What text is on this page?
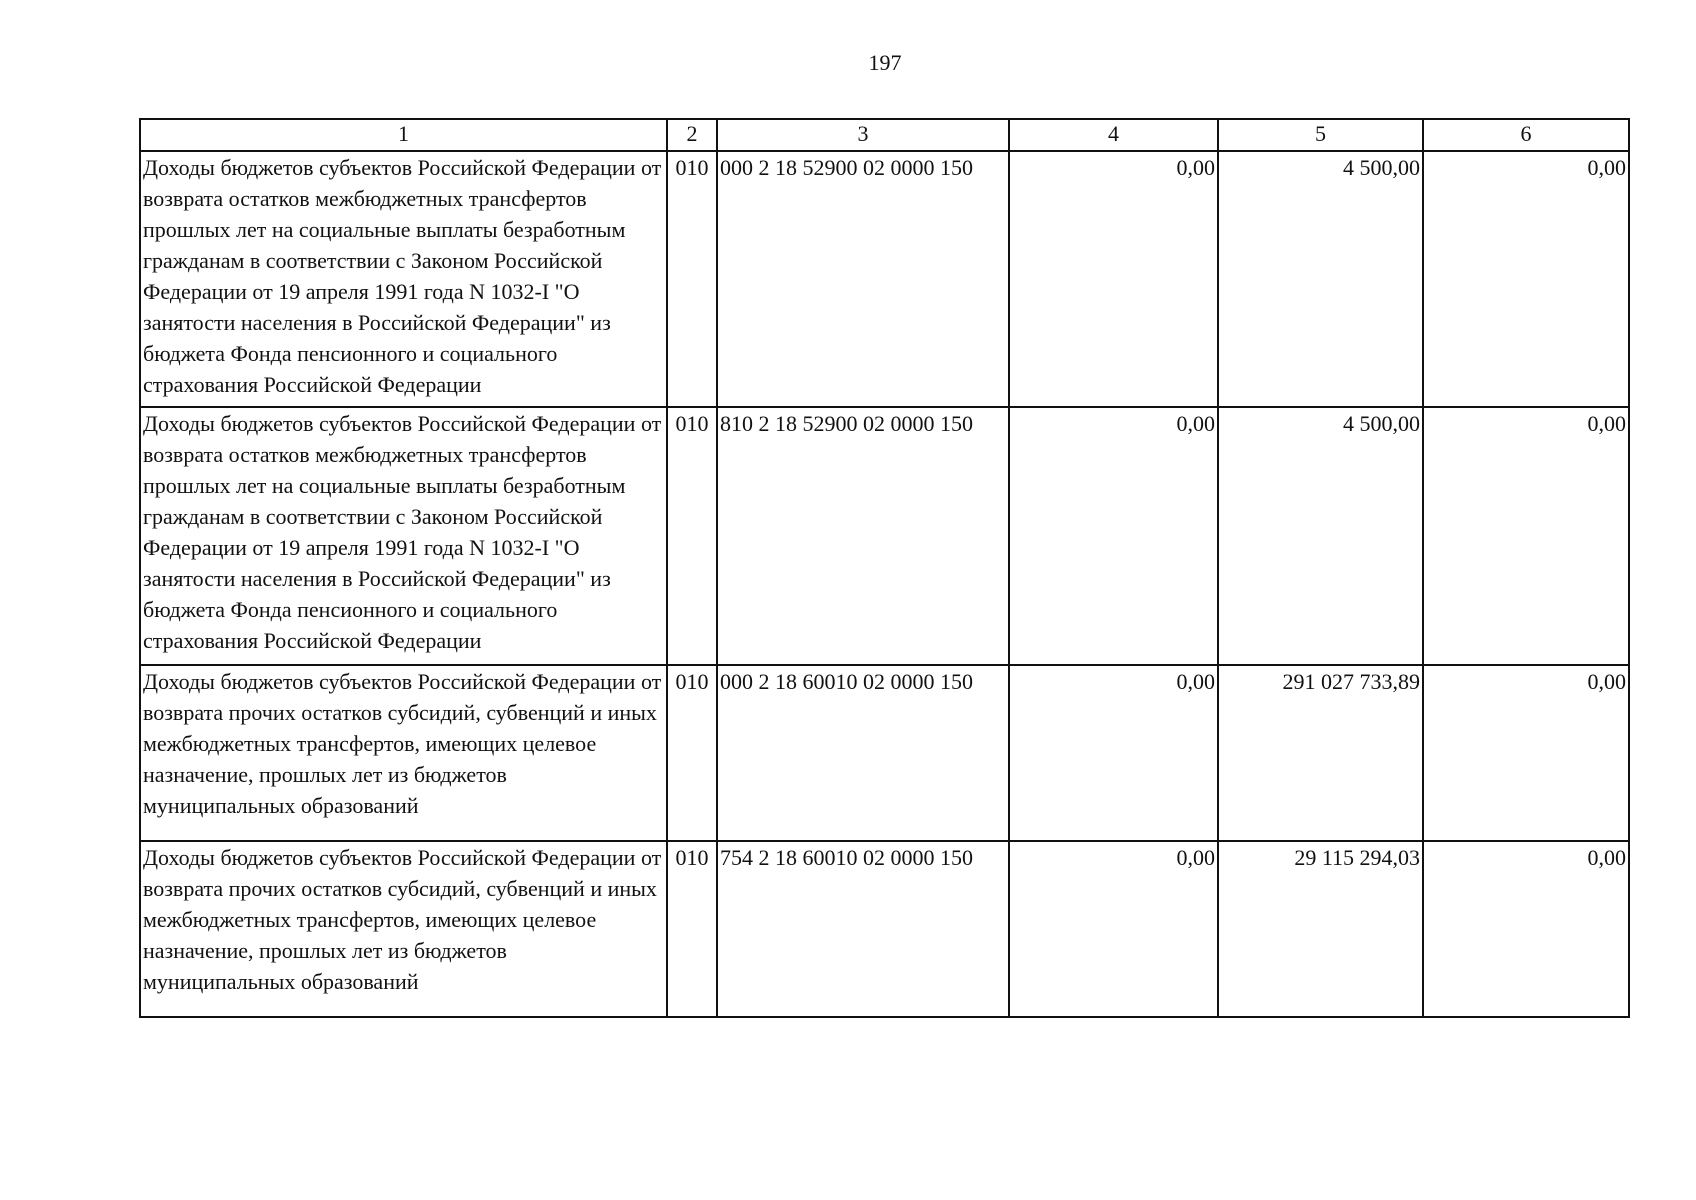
197
1	2	3	4	5	6
Доходы бюджетов субъектов Российской Федерации от возврата остатков межбюджетных трансфертов прошлых лет на социальные выплаты безработным гражданам в соответствии с Законом Российской Федерации от 19 апреля 1991 года N 1032-I "О занятости населения в Российской Федерации" из бюджета Фонда пенсионного и социального страхования Российской Федерации	010	000 2 18 52900 02 0000 150	0,00	4 500,00	0,00
Доходы бюджетов субъектов Российской Федерации от возврата остатков межбюджетных трансфертов прошлых лет на социальные выплаты безработным гражданам в соответствии с Законом Российской Федерации от 19 апреля 1991 года N 1032-I "О занятости населения в Российской Федерации" из бюджета Фонда пенсионного и социального страхования Российской Федерации	010	810 2 18 52900 02 0000 150	0,00	4 500,00	0,00
Доходы бюджетов субъектов Российской Федерации от возврата прочих остатков субсидий, субвенций и иных межбюджетных трансфертов, имеющих целевое назначение, прошлых лет из бюджетов муниципальных образований	010	000 2 18 60010 02 0000 150	0,00	291 027 733,89	0,00
Доходы бюджетов субъектов Российской Федерации от возврата прочих остатков субсидий, субвенций и иных межбюджетных трансфертов, имеющих целевое назначение, прошлых лет из бюджетов муниципальных образований	010	754 2 18 60010 02 0000 150	0,00	29 115 294,03	0,00
